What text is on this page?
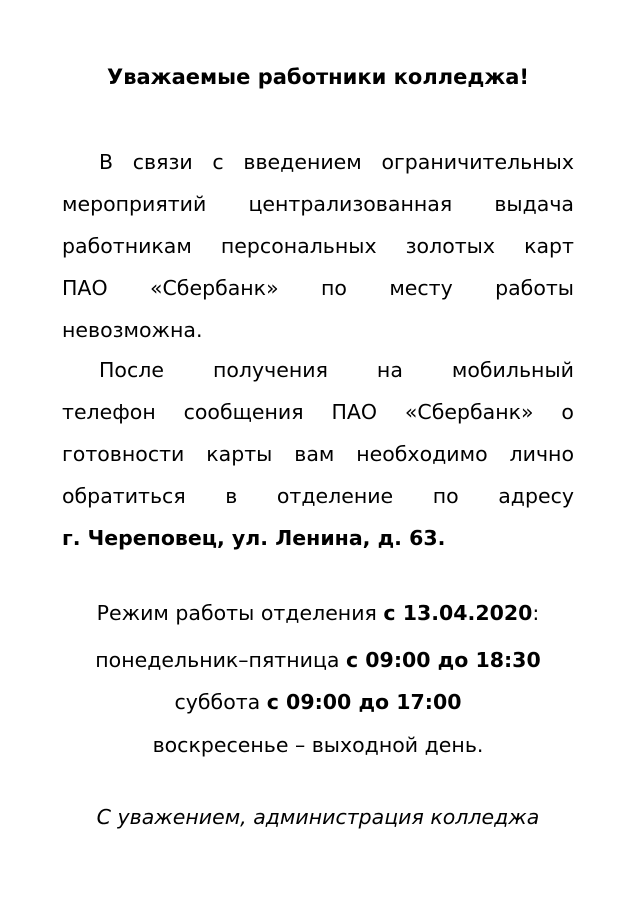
Уважаемые работники колледжа!
В связи с введением ограничительных
мероприятий централизованная выдача
работникам персональных золотых карт
ПАО «Сбербанк» по месту работы
невозможна.
После получения на мобильный
телефон сообщения ПАО «Сбербанк» о
готовности карты вам необходимо лично
обратиться в отделение по адресу
г. Череповец, ул. Ленина, д. 63.
Режим работы отделения с 13.04.2020:
понедельник–пятница с 09:00 до 18:30
суббота с 09:00 до 17:00
воскресенье – выходной день.
С уважением, администрация колледжа
